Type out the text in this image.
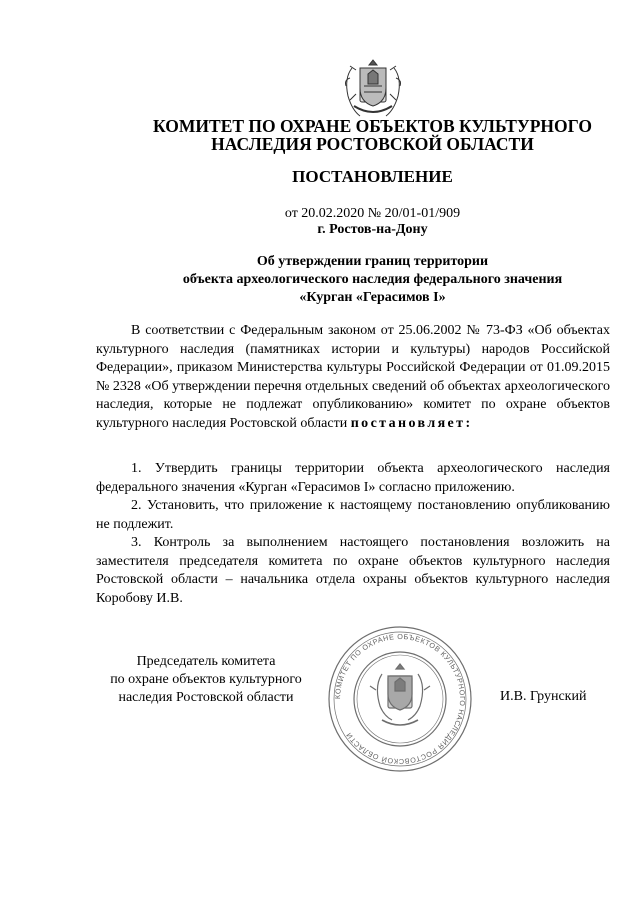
КОМИТЕТ ПО ОХРАНЕ ОБЪЕКТОВ КУЛЬТУРНОГО
НАСЛЕДИЯ РОСТОВСКОЙ ОБЛАСТИ
ПОСТАНОВЛЕНИЕ
от 20.02.2020 № 20/01-01/909
г. Ростов-на-Дону
Об утверждении границ территории
объекта археологического наследия федерального значения
«Курган «Герасимов I»
В соответствии с Федеральным законом от 25.06.2002 № 73-ФЗ «Об объектах культурного наследия (памятниках истории и культуры) народов Российской Федерации», приказом Министерства культуры Российской Федерации от 01.09.2015 № 2328 «Об утверждении перечня отдельных сведений об объектах археологического наследия, которые не подлежат опубликованию» комитет по охране объектов культурного наследия Ростовской области постановляет:
1. Утвердить границы территории объекта археологического наследия федерального значения «Курган «Герасимов I» согласно приложению.
2. Установить, что приложение к настоящему постановлению опубликованию не подлежит.
3. Контроль за выполнением настоящего постановления возложить на заместителя председателя комитета по охране объектов культурного наследия Ростовской области – начальника отдела охраны объектов культурного наследия Коробову И.В.
Председатель комитета
по охране объектов культурного
наследия Ростовской области	КОМИТЕТ ПО ОХРАНЕ ОБЪЕКТОВ КУЛЬТУРНОГО НАСЛЕДИЯ РОСТОВСКОЙ ОБЛАСТИ
И.В. Грунский
